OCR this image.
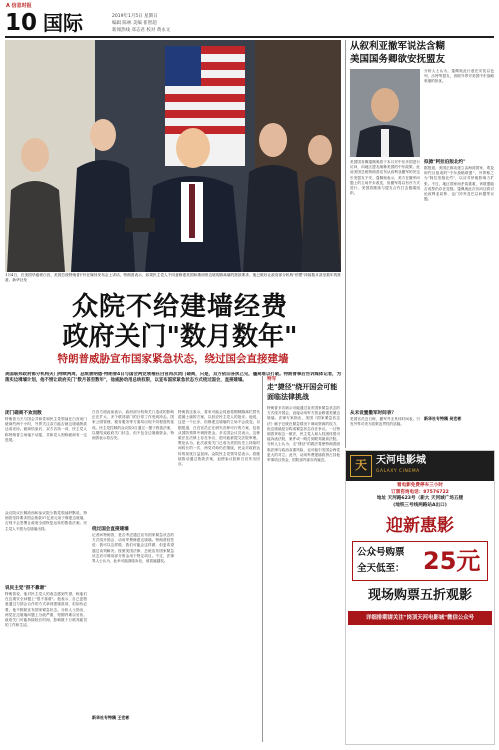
A 信息时报
10 国际	2019年1月5日 星期日
编辑 陈林 美编 崔智超
新闻热线 邓志君 校对 黄永文
1月4日，在美国华盛顿白宫，美国总统特朗普(中)在媒体发布会上讲话，特朗普表示，如果民主党人不同意修建美国和墨西哥边境的隔离墙的拨款要求，他已做好让政府部分机构"停摆"持续数月甚至数年的准备。新华社发
众院不给建墙经费
政府关门"数月数年"
特朗普威胁宣布国家紧急状态，绕过国会直接建墙
美国联邦政府部分机构关门持续两周，总统唐纳德·特朗普4日与国会两党领袖在白宫再次闭门磋商，只是，双方依旧各执己见，僵局难以打破。特朗普事后告诉媒体记者，为落实边境墙计划，他不惜让政府关门"数月甚至数年"，他威胁动用总统权限，以宣布国家紧急状态方式绕过国会，直接建墙。
闭门磋商不欢而散
特朗普当天与国会共和党和民主党领袖在白宫闭门磋商约两个小时，外界关注双方能否就边境墙拨款达成妥协。磋商结束后，双方各执一词，民主党人称特朗普立场毫不动摇，共和党人则称磋商有一定进展。
众议院议长佩洛西和参议院少数党领袖舒默说，特朗普坚持要求国会拨款57亿美元用于修建边境墙，否则不会签署让政府全面恢复运转的拨款法案。民主党人不愿为边境墙出钱。
说民主党"很不靠谱"
特朗普说，他对民主党人的表态感到失望，称他们在边境安全问题上"很不靠谱"。他表示，自己更愿意通过与国会合作的方式拿到建墙款项，但如有必要，他不排除宣布国家紧急状态。分析人士指出，两党在边境墙问题上分歧严重，短期内难以妥协，政府关门可能持续较长时间，影响数十万联邦雇员的工作和生活。
白宫方面此前表示，政府部分机构关门造成的影响正在扩大，多个联邦部门的日常工作受到冲击。国家公园管理、税务服务等方面均出现不同程度的延误。民主党控制的众议院3日通过一揽子拨款法案，以期结束政府关门状态，但不包含边境墙资金，特朗普表示将否决。
绕过国会直接建墙
记者问特朗普，是否考虑通过宣布国家紧急状态的方式绕开国会、动用军费修建边境墙。特朗普回答说：我可以这样做，我们可能会这样做，但更希望通过谈判解决。按照美国法律，总统宣布国家紧急状态后可调用部分资金用于特定项目。不过，法律界人士认为，此举可能面临诉讼，被质疑越权。
新华社专特稿 王宏彬
特朗普还表示，将来可能会同意将钢制隔离栏替代混凝土墙的方案，以回应民主党人的批评。他说，这是一个让步，但修建边境墙的立场不会改变。另据报道，白宫官员正在研究各种可行的方案，包括从国防预算中调拨资金。多名国会议员表示，这种做法在法律上存在争议，很可能被提交法院审理。舆论认为，此次政府关门已成为美国历史上持续时间较长的一次，两党对峙仍在继续，民众对政府运转的担忧日益加深。众院民主党领导层表示，将继续推动通过拨款法案，迫使参议院和白宫作出回应。
特写
走"捷径"绕开国会可能面临法律挑战
特朗普多次暗示可能通过宣布国家紧急状态的方式绕开国会，直接动用军方资金修建美墨边境墙。法律专家指出，美国《国家紧急状态法》赋予总统在紧急情况下调动资源的权力，但边境墙是否构成紧急状态存在争议。一旦特朗普采取这一做法，民主党人和人权团体很可能诉诸法院，案件或一路打到联邦最高法院。分析人士认为，走"捷径"的做法将使特朗普面临法律与政治双重风险，也可能引发国会两党更大的对立。此外，动用军费建墙将挤占其他军事项目资金，国防部内部亦有疑虑。
从叙利亚撤军说法含糊
美国国务卿欲安抚盟友
美国国务卿蓬佩奥将于本月对中东多国进行访问，向地区盟友阐释美国的中东政策。此前美国总统特朗普宣布从叙利亚撤军的决定引发盟友不安。蓬佩奥表示，美方在撤军问题上的立场并未改变，但撤军将以有序方式进行，美国将继续与盟友合作打击极端组织。
从未设置撤军时间表？
美国官员近日称，撤军并无具体时间表，引发外界对美方政策连贯性的质疑。
分析人士认为，蓬佩奥此行意在安抚以色列、沙特等盟友，消除外界对美国中东战略收缩的担忧。
拟掀"阿拉伯版北约"
据报道，美国正推动建立由海湾国家、埃及和约旦组成的"中东战略联盟"，外界称之为"阿拉伯版北约"，以应对伊朗影响力扩张。不过，地区国家间矛盾重重，该联盟能否成型仍存在变数。蓬佩奥此次访问还将讨论叙利亚局势、也门冲突及巴以问题等议题。
新华社专特稿 吴宏彬
天 天河电影城
GALAXY CINEMA
看电影免费停车三小时
订票咨询电话：87576722
地址 天河路623号（新大 天河城广场五楼
(地铁三号线两路站A出口)
迎新惠影
公众号购票
全天低至： 25元
现场购票五折观影
详细排期请关注"岗顶天河电影城"微信公众号
